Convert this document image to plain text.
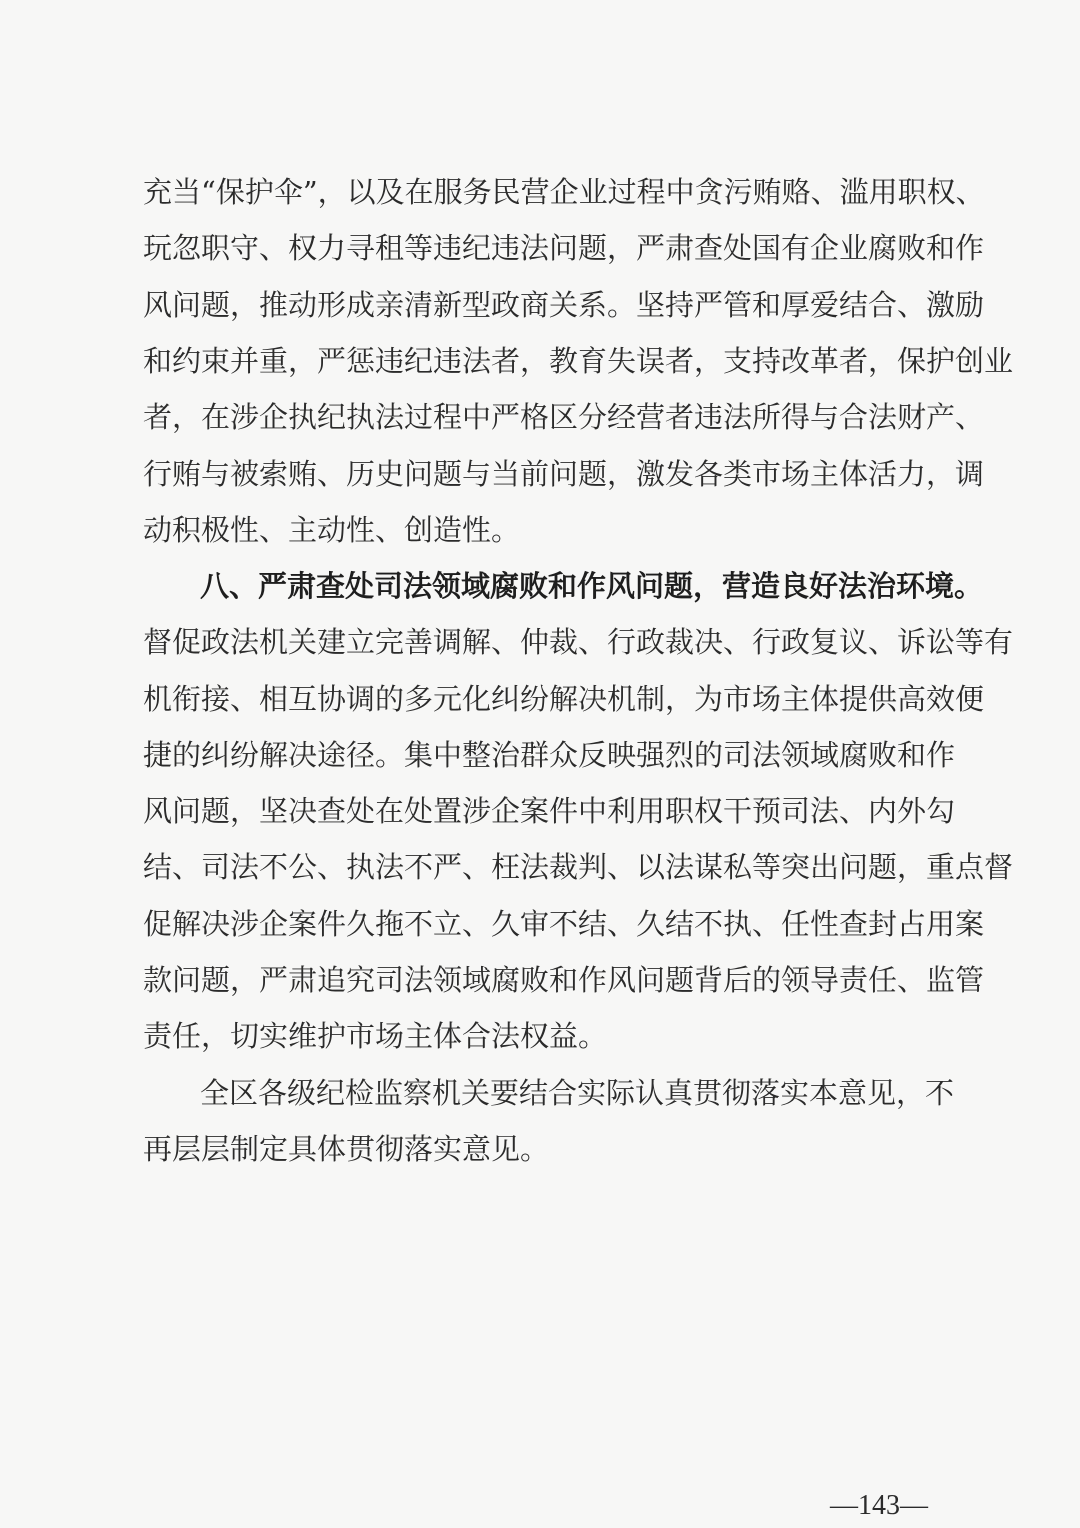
充当“保护伞”，以及在服务民营企业过程中贪污贿赂、滥用职权、
玩忽职守、权力寻租等违纪违法问题，严肃查处国有企业腐败和作
风问题，推动形成亲清新型政商关系。坚持严管和厚爱结合、激励
和约束并重，严惩违纪违法者，教育失误者，支持改革者，保护创业
者，在涉企执纪执法过程中严格区分经营者违法所得与合法财产、
行贿与被索贿、历史问题与当前问题，激发各类市场主体活力，调
动积极性、主动性、创造性。
八、严肃查处司法领域腐败和作风问题，营造良好法治环境。
督促政法机关建立完善调解、仲裁、行政裁决、行政复议、诉讼等有
机衔接、相互协调的多元化纠纷解决机制，为市场主体提供高效便
捷的纠纷解决途径。集中整治群众反映强烈的司法领域腐败和作
风问题，坚决查处在处置涉企案件中利用职权干预司法、内外勾
结、司法不公、执法不严、枉法裁判、以法谋私等突出问题，重点督
促解决涉企案件久拖不立、久审不结、久结不执、任性查封占用案
款问题，严肃追究司法领域腐败和作风问题背后的领导责任、监管
责任，切实维护市场主体合法权益。
全区各级纪检监察机关要结合实际认真贯彻落实本意见，不
再层层制定具体贯彻落实意见。
—143—
